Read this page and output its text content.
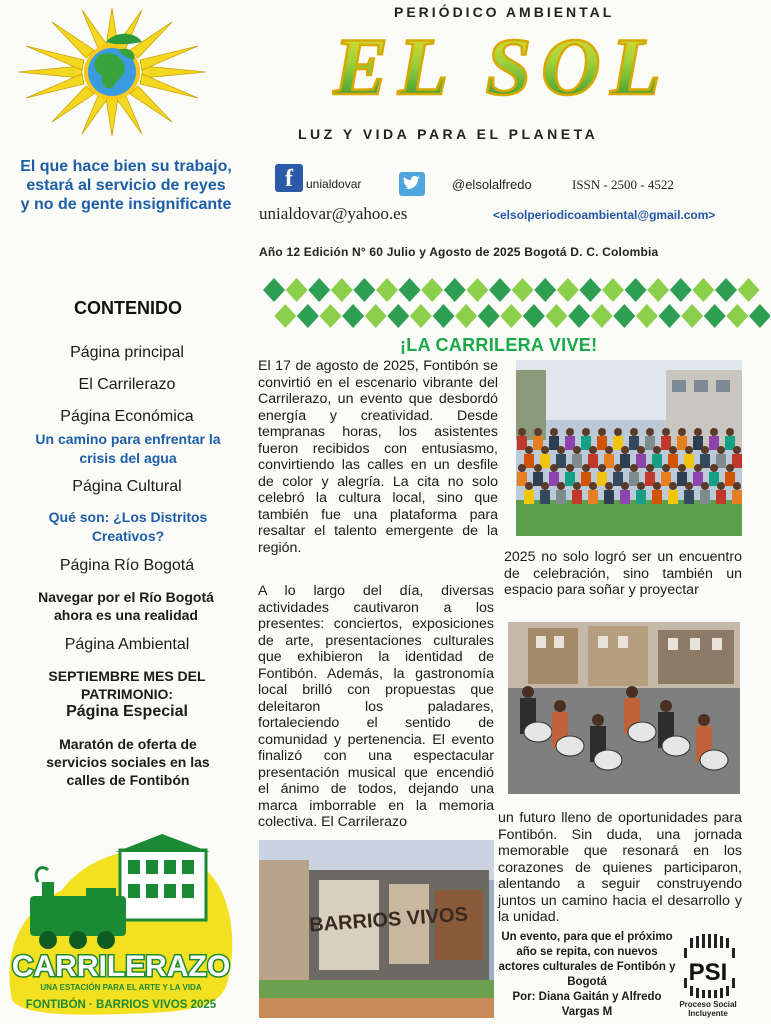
PERIÓDICO AMBIENTAL
EL SOL
LUZ Y VIDA PARA EL PLANETA
El que hace bien su trabajo, estará al servicio de reyes y no de gente insignificante
f	unialdovar	@elsolalfredo	ISSN - 2500 - 4522
unialdovar@yahoo.es	<elsolperiodicoambiental@gmail.com>
Año 12 Edición N° 60 Julio y Agosto de 2025 Bogotá D. C. Colombia
CONTENIDO
Página principal
El Carrilerazo
Página Económica
Un camino para enfrentar la crisis del agua
Página Cultural
Qué son: ¿Los Distritos Creativos?
Página Río Bogotá
Navegar por el Río Bogotá ahora es una realidad
Página Ambiental
SEPTIEMBRE MES DEL PATRIMONIO:
Página Especial
Maratón de oferta de servicios sociales en las calles de Fontibón
CARRILERAZO
UNA ESTACIÓN PARA EL ARTE Y LA VIDA
FONTIBÓN · BARRIOS VIVOS 2025
¡LA CARRILERA VIVE!

El 17 de agosto de 2025, Fontibón se convirtió en el escenario vibrante del Carrilerazo, un evento que desbordó energía y creatividad. Desde tempranas horas, los asistentes fueron recibidos con entusiasmo, convirtiendo las calles en un desfile de color y alegría. La cita no solo celebró la cultura local, sino que también fue una plataforma para resaltar el talento emergente de la región.

A lo largo del día, diversas actividades cautivaron a los presentes: conciertos, exposiciones de arte, presentaciones culturales que exhibieron la identidad de Fontibón. Además, la gastronomía local brilló con propuestas que deleitaron los paladares, fortaleciendo el sentido de comunidad y pertenencia. El evento finalizó con una espectacular presentación musical que encendió el ánimo de todos, dejando una marca imborrable en la memoria colectiva. El Carrilerazo

2025 no solo logró ser un encuentro de celebración, sino también un espacio para soñar y proyectar

un futuro lleno de oportunidades para Fontibón. Sin duda, una jornada memorable que resonará en los corazones de quienes participaron, alentando a seguir construyendo juntos un camino hacia el desarrollo y la unidad.

Un evento, para que el próximo año se repita, con nuevos actores culturales de Fontibón y Bogotá
Por: Diana Gaitán y Alfredo Vargas M
BARRIOS VIVOS
PSI
Proceso Social Incluyente
